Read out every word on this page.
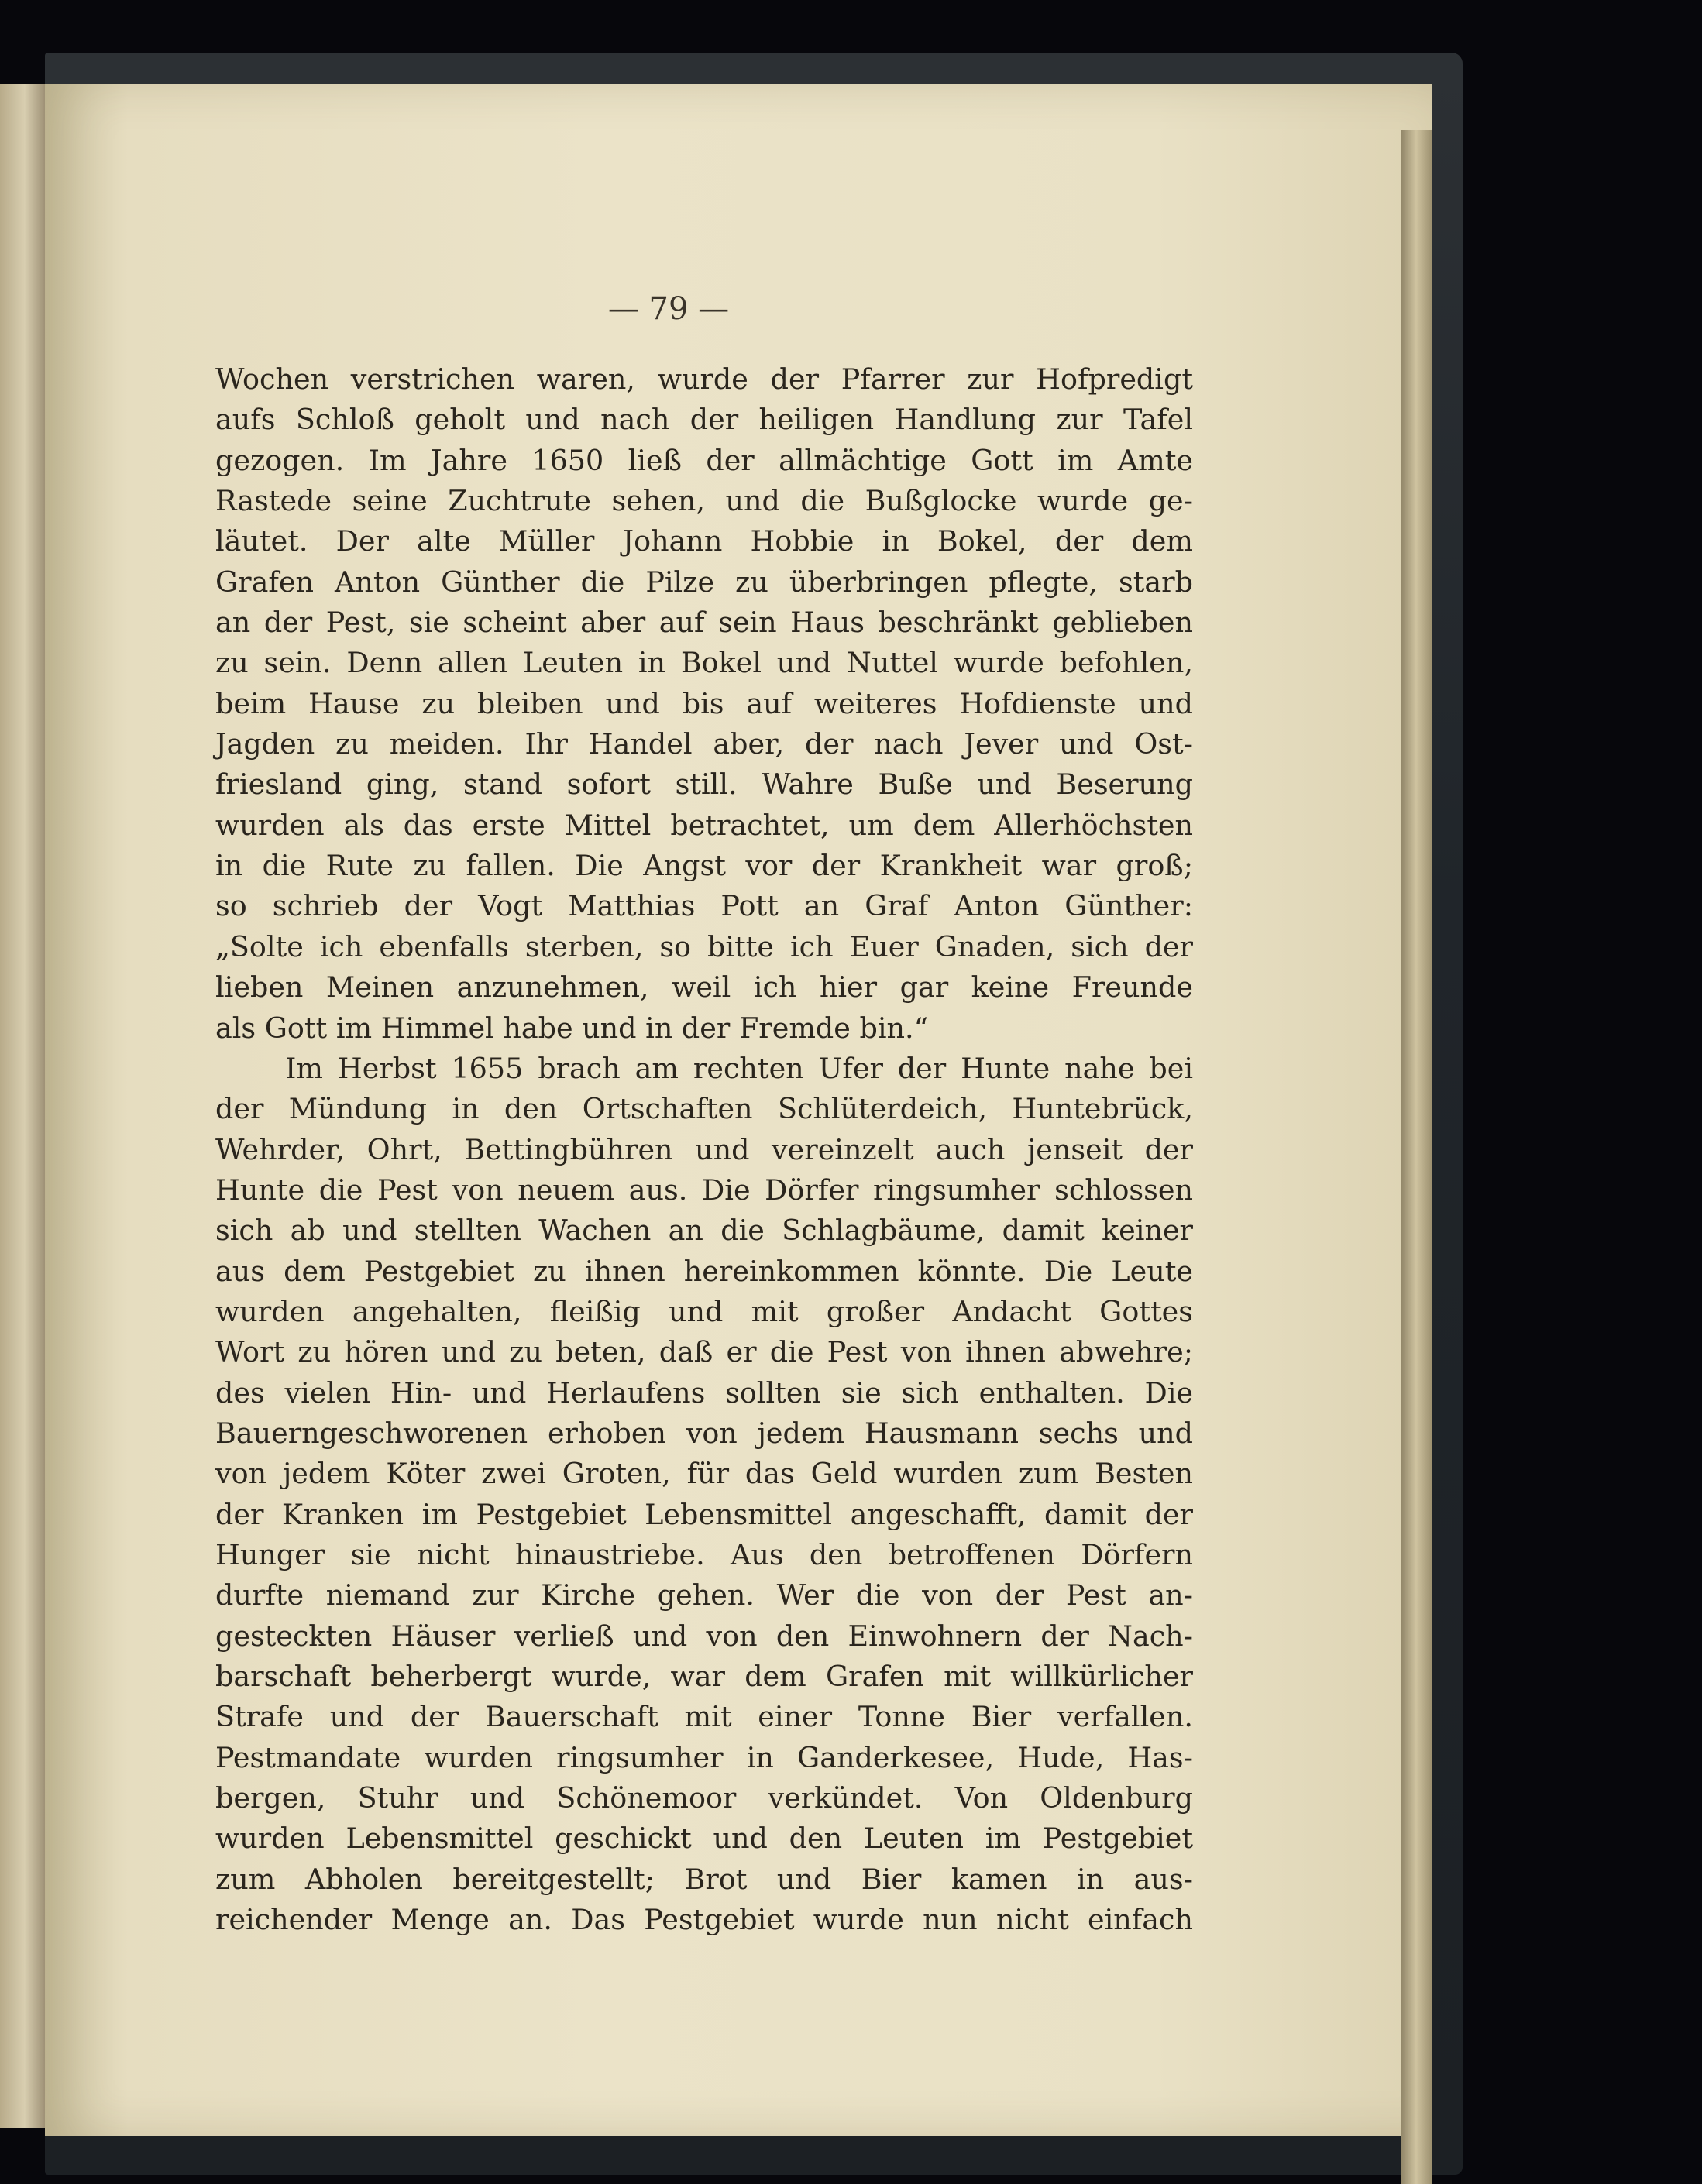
— 79 —
Wochen verstrichen waren, wurde der Pfarrer zur Hofpredigt
aufs Schloß geholt und nach der heiligen Handlung zur Tafel
gezogen. Im Jahre 1650 ließ der allmächtige Gott im Amte
Rastede seine Zuchtrute sehen, und die Bußglocke wurde ge-
läutet. Der alte Müller Johann Hobbie in Bokel, der dem
Grafen Anton Günther die Pilze zu überbringen pflegte, starb
an der Pest, sie scheint aber auf sein Haus beschränkt geblieben
zu sein. Denn allen Leuten in Bokel und Nuttel wurde befohlen,
beim Hause zu bleiben und bis auf weiteres Hofdienste und
Jagden zu meiden. Ihr Handel aber, der nach Jever und Ost-
friesland ging, stand sofort still. Wahre Buße und Beserung
wurden als das erste Mittel betrachtet, um dem Allerhöchsten
in die Rute zu fallen. Die Angst vor der Krankheit war groß;
so schrieb der Vogt Matthias Pott an Graf Anton Günther:
„Solte ich ebenfalls sterben, so bitte ich Euer Gnaden, sich der
lieben Meinen anzunehmen, weil ich hier gar keine Freunde
als Gott im Himmel habe und in der Fremde bin.“
Im Herbst 1655 brach am rechten Ufer der Hunte nahe bei
der Mündung in den Ortschaften Schlüterdeich, Huntebrück,
Wehrder, Ohrt, Bettingbühren und vereinzelt auch jenseit der
Hunte die Pest von neuem aus. Die Dörfer ringsumher schlossen
sich ab und stellten Wachen an die Schlagbäume, damit keiner
aus dem Pestgebiet zu ihnen hereinkommen könnte. Die Leute
wurden angehalten, fleißig und mit großer Andacht Gottes
Wort zu hören und zu beten, daß er die Pest von ihnen abwehre;
des vielen Hin- und Herlaufens sollten sie sich enthalten. Die
Bauerngeschworenen erhoben von jedem Hausmann sechs und
von jedem Köter zwei Groten, für das Geld wurden zum Besten
der Kranken im Pestgebiet Lebensmittel angeschafft, damit der
Hunger sie nicht hinaustriebe. Aus den betroffenen Dörfern
durfte niemand zur Kirche gehen. Wer die von der Pest an-
gesteckten Häuser verließ und von den Einwohnern der Nach-
barschaft beherbergt wurde, war dem Grafen mit willkürlicher
Strafe und der Bauerschaft mit einer Tonne Bier verfallen.
Pestmandate wurden ringsumher in Ganderkesee, Hude, Has-
bergen, Stuhr und Schönemoor verkündet. Von Oldenburg
wurden Lebensmittel geschickt und den Leuten im Pestgebiet
zum Abholen bereitgestellt; Brot und Bier kamen in aus-
reichender Menge an. Das Pestgebiet wurde nun nicht einfach
